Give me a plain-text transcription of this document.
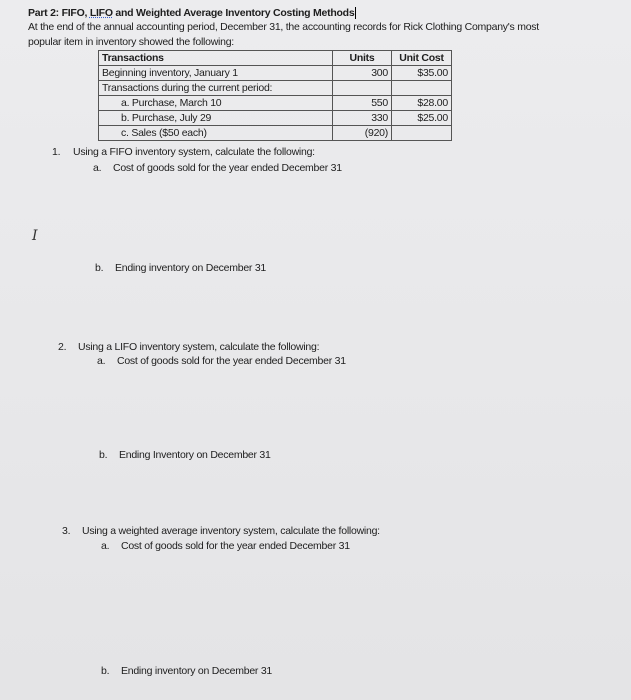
Part 2: FIFO, LIFO and Weighted Average Inventory Costing Methods
At the end of the annual accounting period, December 31, the accounting records for Rick Clothing Company's most
popular item in inventory showed the following:
Transactions	Units	Unit Cost
Beginning inventory, January 1	300	$35.00
Transactions during the current period:		
a. Purchase, March 10	550	$28.00
b. Purchase, July 29	330	$25.00
c. Sales ($50 each)	(920)	
1. Using a FIFO inventory system, calculate the following:
a. Cost of goods sold for the year ended December 31
I
b. Ending inventory on December 31
2. Using a LIFO inventory system, calculate the following:
a. Cost of goods sold for the year ended December 31
b. Ending Inventory on December 31
3. Using a weighted average inventory system, calculate the following:
a. Cost of goods sold for the year ended December 31
b. Ending inventory on December 31
